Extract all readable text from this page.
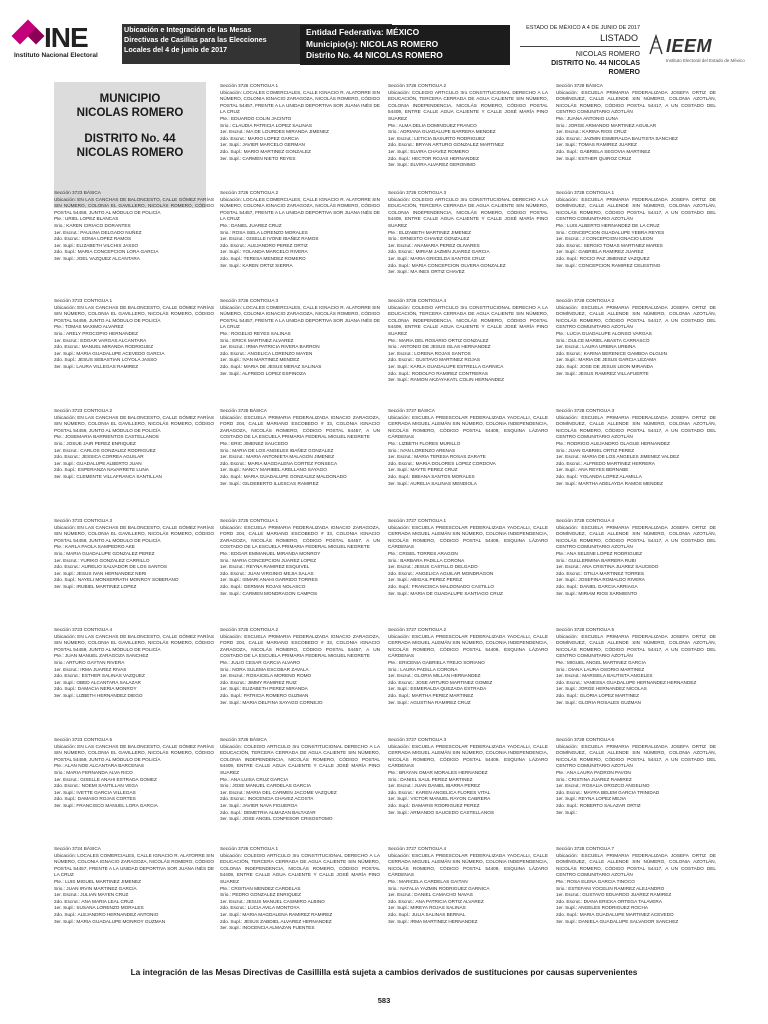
INE
Instituto Nacional Electoral
Ubicación e Integración de las Mesas
Directivas de Casillas para las Elecciones
Locales del 4 de junio de 2017
Entidad Federativa: MÉXICO
Municipio(s): NICOLAS ROMERO
Distrito No. 44 NICOLAS ROMERO
ESTADO DE MÉXICO A 4 DE JUNIO DE 2017
LISTADO
NICOLAS ROMERO
DISTRITO No. 44 NICOLAS ROMERO
IEEM
Instituto Electoral del Estado de México
MUNICIPIO
NICOLAS ROMERO
DISTRITO No. 44
NICOLAS ROMERO
Sección 3726 CONTIGUA 1
Ubicación: LOCALES COMERCIALES, CALLE IGNACIO R. ALATORRE SIN NÚMERO, COLONIA IGNACIO ZARAGOZA, NICOLÁS ROMERO, CÓDIGO POSTAL 54457, FRENTE A LA UNIDAD DEPORTIVA SOR JUANA INÉS DE LA CRUZ
Pte.: EDUARDO COLIN JACINTO
Srio.: CLAUDIA PATRICIA LOPEZ SALINAS
1er. Escrut.: MA DE LOURDES MIRANDA JIMENEZ
2do. Escrut.: MARIO LOPEZ GARCIA
1er. Supl.: JAVIER MARCELO GERMAN
2do. Supl.: MARIO MARTINEZ GONZALEZ
3er. Supl.: CARMEN NIETO REYES
Sección 3726 CONTIGUA 2
Ubicación: COLEGIO ARTICULO 3ro CONSTITUCIONAL DERECHO A LA EDUCACIÓN, TERCERA CERRADA DE AGUA CALIENTE SIN NÚMERO, COLONIA INDEPENDENCIA, NICOLÁS ROMERO, CÓDIGO POSTAL 54409, ENTRE CALLE AGUA CALIENTE Y CALLE JOSÉ MARÍA PINO SUAREZ
Pte.: ALMA DELIA DOMINGUEZ FRANCO
Srio.: ADRIANA GUADALUPE BARRERA MENDEZ
1er. Escrut.: LETICIA BASURTO RODRIGUEZ
2do. Escrut.: BRYAN ARTURO GONZALEZ MARTINEZ
1er. Supl.: ELVIRA CHAVEZ ROMERO
2do. Supl.: HECTOR ROJAS HERNANDEZ
3er. Supl.: ELVIRA ALVAREZ GERONIMO
Sección 3728 BÁSICA
Ubicación: ESCUELA PRIMARIA FEDERALIZADA JOSEFA ORTIZ DE DOMÍNGUEZ, CALLE ALLENDE SIN NÚMERO, COLONIA AZOTLÁN, NICOLÁS ROMERO, CÓDIGO POSTAL 54417, A UN COSTADO DEL CENTRO COMUNITARIO AZOTLÁN
Pte.: JUANA ANTONIO LUNA
Srio.: JORGE ARMANDO MARTINEZ AGUILAR
1er. Escrut.: KARINA RIOS CRUZ
2do. Escrut.: JAZMIN ESMERALDA BAUTISTA SANCHEZ
1er. Supl.: TOMAS RAMIREZ JUAREZ
2do. Supl.: GABRIELA SEGOVIA MARTINEZ
3er. Supl.: ESTHER QUIROZ CRUZ
Sección 3723 BÁSICA
Ubicación: EN LAS CANCHAS DE BALONCESTO, CALLE GÓMEZ FARÍAS SIN NÚMERO, COLONIA EL GAVILLERO, NICOLÁS ROMERO, CÓDIGO POSTAL 54459, JUNTO AL MÓDULO DE POLICÍA
Pte.: URIEL LOPEZ BLANCAS
Srio.: KAREN CIRIACO DORANTES
1er. Escrut.: PAULINA DELGADO NUÑEZ
2do. Escrut.: SONIA LOPEZ RAMOS
1er. Supl.: ELIZABETH VILCHIS JASSO
2do. Supl.: MARIA CONCEPCION LORA GARCIA
3er. Supl.: JOEL VAZQUEZ ALCANTARA
Sección 3726 CONTIGUA 2
Ubicación: LOCALES COMERCIALES, CALLE IGNACIO R. ALATORRE SIN NÚMERO, COLONIA IGNACIO ZARAGOZA, NICOLÁS ROMERO, CÓDIGO POSTAL 54457, FRENTE A LA UNIDAD DEPORTIVA SOR JUANA INÉS DE LA CRUZ
Pte.: DANIEL JUAREZ CRUZ
Srio.: ROSA ISELA LORENZO MORALES
1er. Escrut.: GISELLE IVONE IBAÑEZ RAMOS
2do. Escrut.: ALEJANDRO PEREZ ORTIZ
1er. Supl.: YOLANDA MARCELO RIVERA
2do. Supl.: TERESA MENDEZ ROMERO
3er. Supl.: KAREN ORTIZ SIERRA
Sección 3726 CONTIGUA 3
Ubicación: COLEGIO ARTICULO 3ro CONSTITUCIONAL DERECHO A LA EDUCACIÓN, TERCERA CERRADA DE AGUA CALIENTE SIN NÚMERO, COLONIA INDEPENDENCIA, NICOLÁS ROMERO, CÓDIGO POSTAL 54409, ENTRE CALLE AGUA CALIENTE Y CALLE JOSÉ MARÍA PINO SUAREZ
Pte.: ELIZABETH MARTINEZ JIMENEZ
Srio.: ERNESTO CHAVEZ GONZALEZ
1er. Escrut.: ANAMARIA PEREZ OLIVARES
2do. Escrut.: MIRIAM JAZMIN JUAREZ GARCIA
1er. Supl.: MARIA GRICELDA SANTOS CRUZ
2do. Supl.: MARIA CONCEPCION OLVERA GONZALEZ
3er. Supl.: MA INES ORTIZ CHAVEZ
Sección 3728 CONTIGUA 1
Ubicación: ESCUELA PRIMARIA FEDERALIZADA JOSEFA ORTIZ DE DOMÍNGUEZ, CALLE ALLENDE SIN NÚMERO, COLONIA AZOTLÁN, NICOLÁS ROMERO, CÓDIGO POSTAL 54417, A UN COSTADO DEL CENTRO COMUNITARIO AZOTLÁN
Pte.: LUIS ALBERTO HERNANDEZ DE LA CRUZ
Srio.: CONCEPCION GUADALUPE YEBRA REYES
1er. Escrut.: J CONCEPCION IGNACIO LEON
2do. Escrut.: SERGIO TOMAS MARTINEZ MARES
1er. Supl.: GABRIELA RAMIREZ JUAREZ
2do. Supl.: ROCIO PAZ JIMENEZ VAZQUEZ
3er. Supl.: CONCEPCION RAMIREZ CELESTINO
Sección 3723 CONTIGUA 1
Ubicación: EN LAS CANCHAS DE BALONCESTO, CALLE GÓMEZ FARÍAS SIN NÚMERO, COLONIA EL GAVILLERO, NICOLÁS ROMERO, CÓDIGO POSTAL 54459, JUNTO AL MÓDULO DE POLICÍA
Pte.: TOMAS MAXIMO ALVAREZ
Srio.: ARELY PROCOPIO HERNANDEZ
1er. Escrut.: EDGAR VARGAS ALCANTARA
2do. Escrut.: MANUEL MIRANDA RODRIGUEZ
1er. Supl.: MARIA GUADALUPE ACEVEDO GARCIA
2do. Supl.: JESUS SEBASTIAN LOYOLA JASSO
3er. Supl.: LAURA VILLEGAS RAMIREZ
Sección 3726 CONTIGUA 3
Ubicación: LOCALES COMERCIALES, CALLE IGNACIO R. ALATORRE SIN NÚMERO, COLONIA IGNACIO ZARAGOZA, NICOLÁS ROMERO, CÓDIGO POSTAL 54457, FRENTE A LA UNIDAD DEPORTIVA SOR JUANA INÉS DE LA CRUZ
Pte.: ROGELIO REYES SALINAS
Srio.: ERICK MARTINEZ ALVAREZ
1er. Escrut.: IRMA PATRICIA RIVERA BARRON
2do. Escrut.: ANGELICA LORENZO MAYEN
1er. Supl.: IVAN MARTINEZ MENDEZ
2do. Supl.: MARIA DE JESUS MERAZ SALINAS
3er. Supl.: ALFREDO LOPEZ ESPINOZA
Sección 3726 CONTIGUA 4
Ubicación: COLEGIO ARTICULO 3ro CONSTITUCIONAL DERECHO A LA EDUCACIÓN, TERCERA CERRADA DE AGUA CALIENTE SIN NÚMERO, COLONIA INDEPENDENCIA, NICOLÁS ROMERO, CÓDIGO POSTAL 54409, ENTRE CALLE AGUA CALIENTE Y CALLE JOSÉ MARÍA PINO SUAREZ
Pte.: MARIA DEL ROSARIO ORTIZ GONZALEZ
Srio.: ANTONIO DE JESUS ISLAS HERNANDEZ
1er. Escrut.: LORENA ROJAS SANTOS
2do. Escrut.: GUSTAVO MARTINEZ ROJAS
1er. Supl.: KARLA GUADALUPE ESTRELLA GARNICA
2do. Supl.: RODOLFO RAMIREZ CONTRERAS
3er. Supl.: RAMON AKZAYAKATL COLIN HERNANDEZ
Sección 3728 CONTIGUA 2
Ubicación: ESCUELA PRIMARIA FEDERALIZADA JOSEFA ORTIZ DE DOMÍNGUEZ, CALLE ALLENDE SIN NÚMERO, COLONIA AZOTLÁN, NICOLÁS ROMERO, CÓDIGO POSTAL 54417, A UN COSTADO DEL CENTRO COMUNITARIO AZOTLÁN
Pte.: LUCIA GUADALUPE ALONSO VARGAS
Srio.: DULCE MARIEL ABASTA CARRASCO
1er. Escrut.: LAURA URBINA URBINA
2do. Escrut.: KARINA BERENICE GAMBOA OLGUIN
1er. Supl.: MARIA DE JESUS GARCIA LEZAMA
2do. Supl.: JOSE DE JESUS LEON MIRANDA
3er. Supl.: JESUS RAMIREZ VILLAFUERTE
Sección 3723 CONTIGUA 2
Ubicación: EN LAS CANCHAS DE BALONCESTO, CALLE GÓMEZ FARÍAS SIN NÚMERO, COLONIA EL GAVILLERO, NICOLÁS ROMERO, CÓDIGO POSTAL 54459, JUNTO AL MÓDULO DE POLICÍA
Pte.: JOSEMARIA BARRIENTOS CASTELLANOS
Srio.: JOSUE JAIR PEREZ ENRIQUEZ
1er. Escrut.: CARLOS GONZALEZ RODRIGUEZ
2do. Escrut.: JESSICA CORREA AGUILAR
1er. Supl.: GUADALUPE ALBERTO JUAN
2do. Supl.: ESPERANZA NAVARRETE LUNA
3er. Supl.: CLEMENTE VILLAFRANCA SANTILLAN
Sección 3725 BÁSICA
Ubicación: ESCUELA PRIMARIA FEDERALIZADA IGNACIO ZARAGOZA, FORD 204, CALLE MARIANO ESCOBEDO # 33, COLONIA IGNACIO ZARAGOZA, NICOLÁS ROMERO, CÓDIGO POSTAL 54457, A UN COSTADO DE LA ESCUELA PRIMARIA FEDERAL MIGUEL NEGRETE
Pte.: ERIC JIMENEZ SAUCEDO
Srio.: MARIA DE LOS ANGELES IBAÑEZ GONZALEZ
1er. Escrut.: MARIA ANTONIETA MALAGON JIMENEZ
2do. Escrut.: MARIA MAGDALENA CORTEZ FONSECA
1er. Supl.: NANCY MARIBEL ARELLANO SAYAGO
2do. Supl.: MARIA GUADALUPE GONZALEZ MALDONADO
3er. Supl.: GILDEBERTO ILLESCAS RAMIREZ
Sección 3727 BÁSICA
Ubicación: ESCUELA PREESCOLAR FEDERALIZADA YAOCALLI, CALLE CERRADA MIGUEL ALEMÁN SIN NÚMERO, COLONIA INDEPENDENCIA, NICOLÁS ROMERO, CÓDIGO POSTAL 54409, ESQUINA LÁZARO CÁRDENAS
Pte.: LIZBETH FLORES MURILLO
Srio.: IVAN LORENZO ARENAS
1er. Escrut.: MARIA TERESA ROSAS ZARATE
2do. Escrut.: MARIA DOLORES LOPEZ CORDOVA
1er. Supl.: MAYTE PEREZ CRUZ
2do. Supl.: BIBIANA SANTOS MORALES
3er. Supl.: AURELIA SALINAS MENDIOLA
Sección 3728 CONTIGUA 3
Ubicación: ESCUELA PRIMARIA FEDERALIZADA JOSEFA ORTIZ DE DOMÍNGUEZ, CALLE ALLENDE SIN NÚMERO, COLONIA AZOTLÁN, NICOLÁS ROMERO, CÓDIGO POSTAL 54417, A UN COSTADO DEL CENTRO COMUNITARIO AZOTLÁN
Pte.: RODRIGO ALEJANDRO OLAGUE HERNANDEZ
Srio.: JUAN GABRIEL ORTIZ PEREZ
1er. Escrut.: MARIA DE LOS ANGELES JIMENEZ VALDEZ
2do. Escrut.: ALFREDO MARTINEZ HERRERA
1er. Supl.: ANA REYES BERNABE
2do. Supl.: YOLANDA LOPEZ ALAMILLA
3er. Supl.: MARTHA ADELAYDA RAMOS MENDEZ
Sección 3723 CONTIGUA 3
Ubicación: EN LAS CANCHAS DE BALONCESTO, CALLE GÓMEZ FARÍAS SIN NÚMERO, COLONIA EL GAVILLERO, NICOLÁS ROMERO, CÓDIGO POSTAL 54459, JUNTO AL MÓDULO DE POLICÍA
Pte.: KARLA PAOLA SAMPEDRO AKE
Srio.: MARIA GUADALUPE GONZALEZ PEREZ
1er. Escrut.: YURIKO GONZALEZ CARRILLO
2do. Escrut.: AURELIO SALVADOR DE LOS SANTOS
1er. Supl.: JESUS IVAN HERNANDEZ NERI
2do. Supl.: NAYELI MONSERRATH MONROY SOBERANO
3er. Supl.: IRUBIEL MARTINEZ LOPEZ
Sección 3725 CONTIGUA 1
Ubicación: ESCUELA PRIMARIA FEDERALIZADA IGNACIO ZARAGOZA, FORD 204, CALLE MARIANO ESCOBEDO # 33, COLONIA IGNACIO ZARAGOZA, NICOLÁS ROMERO, CÓDIGO POSTAL 54457, A UN COSTADO DE LA ESCUELA PRIMARIA FEDERAL MIGUEL NEGRETE
Pte.: EDGAR EMMANUEL MIRANDA MONROY
Srio.: MARIA CONCEPCION JUAREZ LOPEZ
1er. Escrut.: REYNA RAMIREZ ESQUIVEL
2do. Escrut.: JUAN VIRGINIO MEJIA SALAS
1er. Supl.: ISMARI ANAHI GARRIDO TORRES
2do. Supl.: GERMAN ROJAS NOLASCO
3er. Supl.: CARMEN MONDRAGON CAMPOS
Sección 3727 CONTIGUA 1
Ubicación: ESCUELA PREESCOLAR FEDERALIZADA YAOCALLI, CALLE CERRADA MIGUEL ALEMÁN SIN NÚMERO, COLONIA INDEPENDENCIA, NICOLÁS ROMERO, CÓDIGO POSTAL 54409, ESQUINA LÁZARO CÁRDENAS
Pte.: CRISEL TORRES ARAGON
Srio.: BARBARA PADILLA CORONA
1er. Escrut.: JESUS CASTILLO DELGADO
2do. Escrut.: ANGELICA AGUILAR MONDRAGON
1er. Supl.: ABIGAIL PEREZ PEREZ
2do. Supl.: FRANCISCA MALDONADO CASTILLO
3er. Supl.: MARIA DE GUADALUPE SANTIAGO CRUZ
Sección 3728 CONTIGUA 4
Ubicación: ESCUELA PRIMARIA FEDERALIZADA JOSEFA ORTIZ DE DOMÍNGUEZ, CALLE ALLENDE SIN NÚMERO, COLONIA AZOTLÁN, NICOLÁS ROMERO, CÓDIGO POSTAL 54417, A UN COSTADO DEL CENTRO COMUNITARIO AZOTLÁN
Pte.: ANA SELENE LOPEZ RODRIGUEZ
Srio.: GUILLERMINA BARRERA RUBI
1er. Escrut.: ANA CRISTINA JUAREZ SAUCEDO
2do. Escrut.: OTILIA MARTINEZ TORRES
1er. Supl.: JOSEFINA ROMALDO RIVERA
2do. Supl.: DANIEL GARCIA ARRIAGA
3er. Supl.: MIRIAM RIOS SARMIENTO
Sección 3723 CONTIGUA 4
Ubicación: EN LAS CANCHAS DE BALONCESTO, CALLE GÓMEZ FARÍAS SIN NÚMERO, COLONIA EL GAVILLERO, NICOLÁS ROMERO, CÓDIGO POSTAL 54459, JUNTO AL MÓDULO DE POLICÍA
Pte.: JUAN MANUEL ZARAGOZA SANCHEZ
Srio.: ARTURO GAYTAN RIVERA
1er. Escrut.: IRMA JUAREZ RIVAS
2do. Escrut.: ESTHER SALINAS VAZQUEZ
1er. Supl.: OBED ALCANTARA SALAZAR
2do. Supl.: DAMACIA NERIA MONROY
3er. Supl.: LIZBETH HERNANDEZ DIEGO
Sección 3725 CONTIGUA 2
Ubicación: ESCUELA PRIMARIA FEDERALIZADA IGNACIO ZARAGOZA, FORD 204, CALLE MARIANO ESCOBEDO # 33, COLONIA IGNACIO ZARAGOZA, NICOLÁS ROMERO, CÓDIGO POSTAL 54457, A UN COSTADO DE LA ESCUELA PRIMARIA FEDERAL MIGUEL NEGRETE
Pte.: JULIO CESAR GARCIA ALVARO
Srio.: NORA SULEMA ESCOBAR ZAVALA
1er. Escrut.: ROSAICELA MORENO ROMO
2do. Escrut.: JIMMY RAMIREZ RUIZ
1er. Supl.: ELIZABETH PEREZ MIRANDA
2do. Supl.: PATRICIA ROMERO GUZMAN
3er. Supl.: MARIA DELFINA SAYAGO CORNEJO
Sección 3727 CONTIGUA 2
Ubicación: ESCUELA PREESCOLAR FEDERALIZADA YAOCALLI, CALLE CERRADA MIGUEL ALEMÁN SIN NÚMERO, COLONIA INDEPENDENCIA, NICOLÁS ROMERO, CÓDIGO POSTAL 54409, ESQUINA LÁZARO CÁRDENAS
Pte.: ERICENIA GABRIELA TREJO SORIANO
Srio.: LAURA PADILLA CORONA
1er. Escrut.: GLORIA MILLAN HERNANDEZ
2do. Escrut.: JOSE ARTURO MARTINEZ GOMEZ
1er. Supl.: ESMERALDA QUEZADA ESTRADA
2do. Supl.: MARTHA PEREZ MARTINEZ
3er. Supl.: AGUSTINA RAMIREZ CRUZ
Sección 3728 CONTIGUA 5
Ubicación: ESCUELA PRIMARIA FEDERALIZADA JOSEFA ORTIZ DE DOMÍNGUEZ, CALLE ALLENDE SIN NÚMERO, COLONIA AZOTLÁN, NICOLÁS ROMERO, CÓDIGO POSTAL 54417, A UN COSTADO DEL CENTRO COMUNITARIO AZOTLÁN
Pte.: MIGUEL ANGEL MARTINEZ GARCIA
Srio.: DIANA LAURA OSORIO MARTINEZ
1er. Escrut.: MARISELA BAUTISTA ANGELES
2do. Escrut.: VANESSA GUADALUPE HERNANDEZ HERNANDEZ
1er. Supl.: JORGE HERNANDEZ NICOLAS
2do. Supl.: GLORIA LOPEZ MARTINEZ
3er. Supl.: GLORIA ROSALES GUZMAN
Sección 3723 CONTIGUA 5
Ubicación: EN LAS CANCHAS DE BALONCESTO, CALLE GÓMEZ FARÍAS SIN NÚMERO, COLONIA EL GAVILLERO, NICOLÁS ROMERO, CÓDIGO POSTAL 54459, JUNTO AL MÓDULO DE POLICÍA
Pte.: ALAN NOE ALCANTARA BARCENAS
Srio.: MARIA FERNANDA ALVA RICO
1er. Escrut.: GISELLE ANAHI ESTRADA GOMEZ
2do. Escrut.: NOEMI SANTILLAN VEGA
1er. Supl.: IVETTE GARCIA VILLEGAS
2do. Supl.: DAMASO ROJAS CORTES
3er. Supl.: FRANCISCO MANUEL LORA GARCIA
Sección 3726 BÁSICA
Ubicación: COLEGIO ARTICULO 3ro CONSTITUCIONAL DERECHO A LA EDUCACIÓN, TERCERA CERRADA DE AGUA CALIENTE SIN NÚMERO, COLONIA INDEPENDENCIA, NICOLÁS ROMERO, CÓDIGO POSTAL 54409, ENTRE CALLE AGUA CALIENTE Y CALLE JOSÉ MARÍA PINO SUAREZ
Pte.: ANA LUISA CRUZ GARCIA
Srio.: JOSE MANUEL CARDELAS GARCIA
1er. Escrut.: MARIA DEL CARMEN JACOME VAZQUEZ
2do. Escrut.: INOCENCIA CHAVEZ ACOSTA
1er. Supl.: JAVIER NAVA FIGUEROA
2do. Supl.: DEMETRIA ALMAZAN BALTAZAR
3er. Supl.: JOSE ANGEL CONFESOR CRISOSTOMO
Sección 3727 CONTIGUA 3
Ubicación: ESCUELA PREESCOLAR FEDERALIZADA YAOCALLI, CALLE CERRADA MIGUEL ALEMÁN SIN NÚMERO, COLONIA INDEPENDENCIA, NICOLÁS ROMERO, CÓDIGO POSTAL 54409, ESQUINA LÁZARO CÁRDENAS
Pte.: BRAYAN OMAR MORALES HERNANDEZ
Srio.: DANIEL SAUL PEREZ MARTINEZ
1er. Escrut.: JUAN DANIEL IBARRA PEREZ
2do. Escrut.: KAREN ANGELICA FLORES VITAL
1er. Supl.: VICTOR MANUEL RAYON CABRERA
2do. Supl.: DAMARIS RODRIGUEZ PEREZ
3er. Supl.: ARMANDO SAUCEDO CASTELLANOS
Sección 3728 CONTIGUA 6
Ubicación: ESCUELA PRIMARIA FEDERALIZADA JOSEFA ORTIZ DE DOMÍNGUEZ, CALLE ALLENDE SIN NÚMERO, COLONIA AZOTLÁN, NICOLÁS ROMERO, CÓDIGO POSTAL 54417, A UN COSTADO DEL CENTRO COMUNITARIO AZOTLÁN
Pte.: ANA LAURA PADRON PAVON
Srio.: CRISTINA JUAREZ RAMIREZ
1er. Escrut.: ROSALIA OROZCO ANGELINO
2do. Escrut.: MAYRA BELEM GARCIA TRINIDAD
1er. Supl.: REYNA LOPEZ MEJIA
2do. Supl.: ROBERTO SALAZAR ORTIZ
3er. Supl.:
Sección 3724 BÁSICA
Ubicación: LOCALES COMERCIALES, CALLE IGNACIO R. ALATORRE SIN NÚMERO, COLONIA IGNACIO ZARAGOZA, NICOLÁS ROMERO, CÓDIGO POSTAL 54457, FRENTE A LA UNIDAD DEPORTIVA SOR JUANA INÉS DE LA CRUZ
Pte.: LUIS MIGUEL MARTINEZ JIMENEZ
Srio.: JUAN IRVIN MARTINEZ GARCIA
1er. Escrut.: JULIAN MAYEN CRUZ
2do. Escrut.: ANA MARIA LEAL CRUZ
1er. Supl.: SUSANA LORENZO MORALES
2do. Supl.: ALEJANDRO HERNANDEZ ANTONIO
3er. Supl.: MARIA GUADALUPE MONROY GUZMAN
Sección 3726 CONTIGUA 1
Ubicación: COLEGIO ARTICULO 3ro CONSTITUCIONAL DERECHO A LA EDUCACIÓN, TERCERA CERRADA DE AGUA CALIENTE SIN NÚMERO, COLONIA INDEPENDENCIA, NICOLÁS ROMERO, CÓDIGO POSTAL 54409, ENTRE CALLE AGUA CALIENTE Y CALLE JOSÉ MARÍA PINO SUAREZ
Pte.: CRISTIAN MENDEZ CARDELAS
Srio.: PEDRO GONZALEZ ENRIQUEZ
1er. Escrut.: JESUS MANUEL CASIMIRO ALBINO
2do. Escrut.: LUCIA AVILA MONTOYA
1er. Supl.: MARIA MAGDALENA RAMIREZ RAMIREZ
2do. Supl.: JESUS ZABDIEL ALVAREZ HERNANDEZ
3er. Supl.: INOCENCIA ALMAZAN FUENTES
Sección 3727 CONTIGUA 4
Ubicación: ESCUELA PREESCOLAR FEDERALIZADA YAOCALLI, CALLE CERRADA MIGUEL ALEMÁN SIN NÚMERO, COLONIA INDEPENDENCIA, NICOLÁS ROMERO, CÓDIGO POSTAL 54409, ESQUINA LÁZARO CÁRDENAS
Pte.: MARICELA CARDELAS GAITAN
Srio.: NATALIA YAZMIN RODRIGUEZ GARNICA
1er. Escrut.: DANIEL CAMACHO NAVAS
2do. Escrut.: ANA PATRICIA ORTIZ ALVAREZ
1er. Supl.: MIREYA ROJAS SALINAS
2do. Supl.: JULIA SALINAS BERNAL
3er. Supl.: IRMA MARTINEZ HERNANDEZ
Sección 3728 CONTIGUA 7
Ubicación: ESCUELA PRIMARIA FEDERALIZADA JOSEFA ORTIZ DE DOMÍNGUEZ, CALLE ALLENDE SIN NÚMERO, COLONIA AZOTLÁN, NICOLÁS ROMERO, CÓDIGO POSTAL 54417, A UN COSTADO DEL CENTRO COMUNITARIO AZOTLÁN
Pte.: ROSA ELENA GARCIA TINOCO
Srio.: ESTEFANI YOCELIN RAMIREZ ALEJANDRO
1er. Escrut.: GUSTAVO EDUARDO JUAREZ RAMIREZ
2do. Escrut.: DIANA ERICKA ORTEGA TALAVERA
1er. Supl.: ANGELES RODRIGUEZ ROCHA
2do. Supl.: MARIA GUADALUPE MARTINEZ ACEVEDO
3er. Supl.: DANIELA GUADALUPE SALVADOR SANCHEZ
La integración de las Mesas Directivas de Casillilla está sujeta a cambios derivados de sustituciones por causas supervenientes
583
